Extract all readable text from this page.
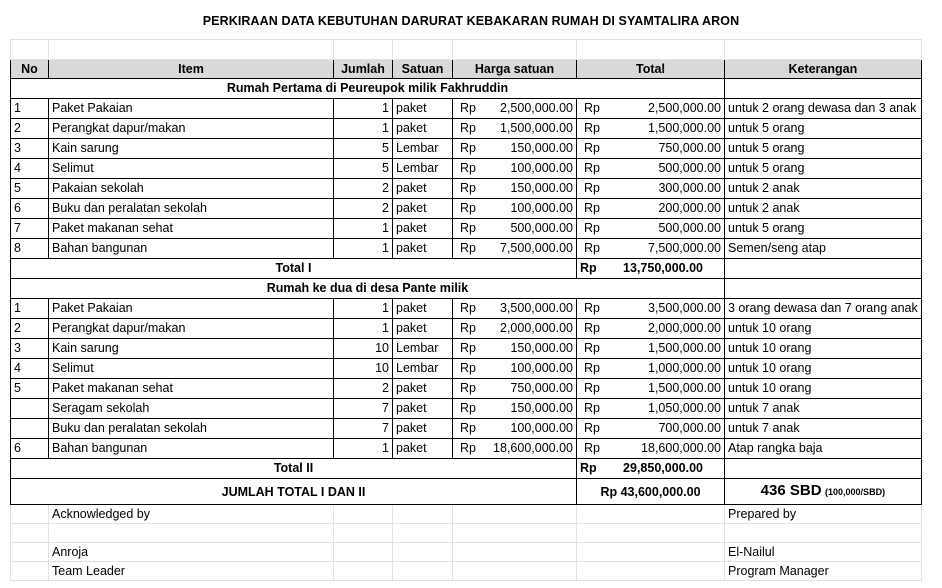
PERKIRAAN DATA KEBUTUHAN DARURAT KEBAKARAN RUMAH DI SYAMTALIRA ARON

No	Item	Jumlah	Satuan	Harga satuan	Total	Keterangan
Rumah Pertama di Peureupok milik Fakhruddin						
1	Paket Pakaian	1	paket	Rp 2,500,000.00	Rp 2,500,000.00	untuk 2 orang dewasa dan 3 anak
2	Perangkat dapur/makan	1	paket	Rp 1,500,000.00	Rp 1,500,000.00	untuk 5 orang
3	Kain sarung	5	Lembar	Rp 150,000.00	Rp 750,000.00	untuk 5 orang
4	Selimut	5	Lembar	Rp 100,000.00	Rp 500,000.00	untuk 5 orang
5	Pakaian sekolah	2	paket	Rp 150,000.00	Rp 300,000.00	untuk 2 anak
6	Buku dan peralatan sekolah	2	paket	Rp 100,000.00	Rp 200,000.00	untuk 2 anak
7	Paket makanan sehat	1	paket	Rp 500,000.00	Rp 500,000.00	untuk 5 orang
8	Bahan bangunan	1	paket	Rp 7,500,000.00	Rp 7,500,000.00	Semen/seng atap
Total I					Rp 13,750,000.00	

Rumah ke dua di desa Pante milik						
1	Paket Pakaian	1	paket	Rp 3,500,000.00	Rp 3,500,000.00	3 orang dewasa dan 7 orang anak
2	Perangkat dapur/makan	1	paket	Rp 2,000,000.00	Rp 2,000,000.00	untuk 10 orang
3	Kain sarung	10	Lembar	Rp 150,000.00	Rp 1,500,000.00	untuk 10 orang
4	Selimut	10	Lembar	Rp 100,000.00	Rp 1,000,000.00	untuk 10 orang
5	Paket makanan sehat	2	paket	Rp 750,000.00	Rp 1,500,000.00	untuk 10 orang
	Seragam sekolah	7	paket	Rp 150,000.00	Rp 1,050,000.00	untuk 7 anak
	Buku dan peralatan sekolah	7	paket	Rp 100,000.00	Rp 700,000.00	untuk 7 anak
6	Bahan bangunan	1	paket	Rp 18,600,000.00	Rp 18,600,000.00	Atap rangka baja
Total II					Rp 29,850,000.00	

JUMLAH TOTAL I DAN II					Rp 43,600,000.00	436 SBD (100,000/SBD)
	Acknowledged by					Prepared by

	Anroja					El-Nailul
	Team Leader					Program Manager
